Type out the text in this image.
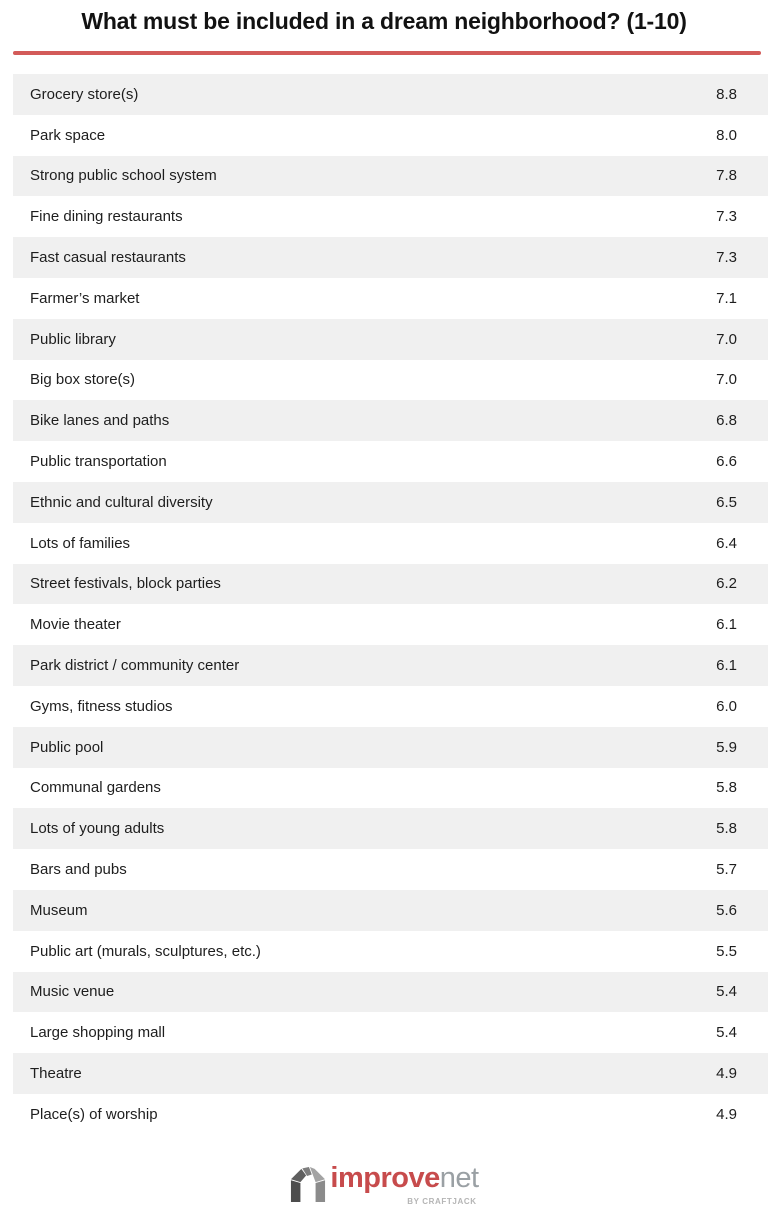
What must be included in a dream neighborhood? (1-10)
Grocery store(s)	8.8
Park space	8.0
Strong public school system	7.8
Fine dining restaurants	7.3
Fast casual restaurants	7.3
Farmer’s market	7.1
Public library	7.0
Big box store(s)	7.0
Bike lanes and paths	6.8
Public transportation	6.6
Ethnic and cultural diversity	6.5
Lots of families	6.4
Street festivals, block parties	6.2
Movie theater	6.1
Park district / community center	6.1
Gyms, fitness studios	6.0
Public pool	5.9
Communal gardens	5.8
Lots of young adults	5.8
Bars and pubs	5.7
Museum	5.6
Public art (murals, sculptures, etc.)	5.5
Music venue	5.4
Large shopping mall	5.4
Theatre	4.9
Place(s) of worship	4.9
improvenet
BY CRAFTJACK
